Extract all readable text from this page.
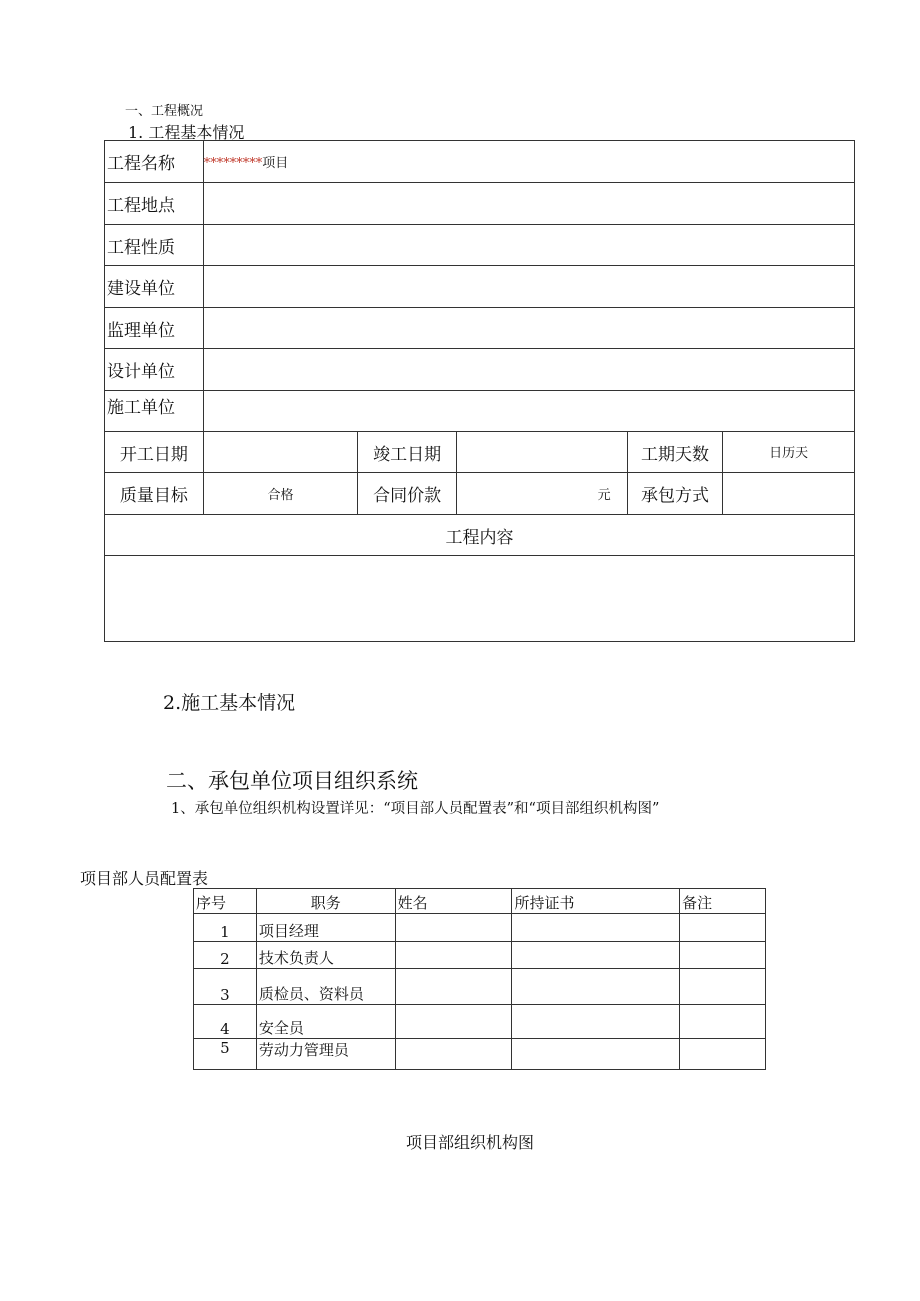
一、工程概况
1. 工程基本情况
工程名称	*********项目				
工程地点					
工程性质					
建设单位					
监理单位					
设计单位					
施工单位					
开工日期		竣工日期		工期天数	日历天
质量目标	合格	合同价款	元	承包方式	
工程内容					

2.施工基本情况
二、承包单位项目组织系统
1、承包单位组织机构设置详见：“项目部人员配置表”和“项目部组织机构图”
项目部人员配置表
序号	职务	姓名	所持证书	备注
1	项目经理			
2	技术负责人			
3	质检员、资料员			
4	安全员			
5	劳动力管理员			
项目部组织机构图
